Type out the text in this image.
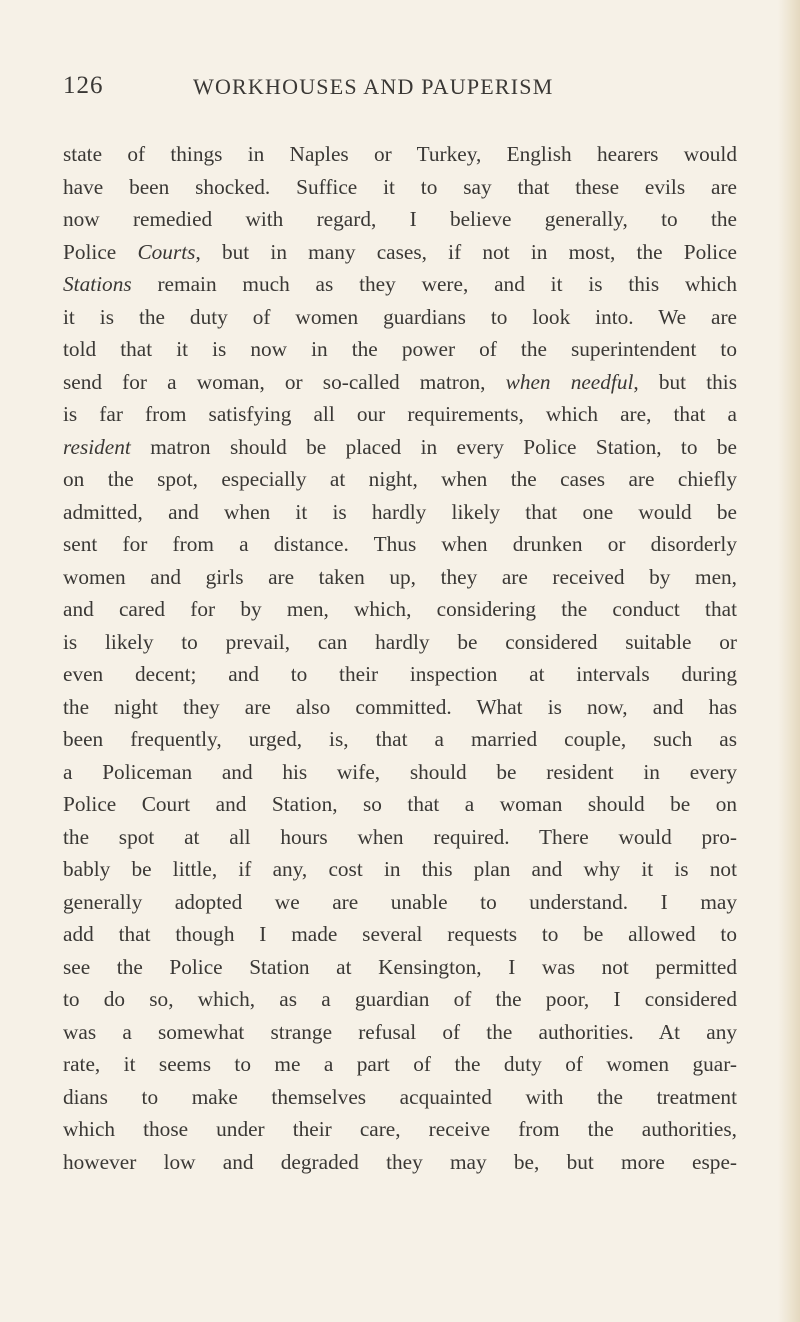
126	WORKHOUSES AND PAUPERISM
state of things in Naples or Turkey, English hearers would
have been shocked. Suffice it to say that these evils are
now remedied with regard, I believe generally, to the
Police Courts, but in many cases, if not in most, the Police
Stations remain much as they were, and it is this which
it is the duty of women guardians to look into. We are
told that it is now in the power of the superintendent to
send for a woman, or so-called matron, when needful, but this
is far from satisfying all our requirements, which are, that a
resident matron should be placed in every Police Station, to be
on the spot, especially at night, when the cases are chiefly
admitted, and when it is hardly likely that one would be
sent for from a distance. Thus when drunken or disorderly
women and girls are taken up, they are received by men,
and cared for by men, which, considering the conduct that
is likely to prevail, can hardly be considered suitable or
even decent; and to their inspection at intervals during
the night they are also committed. What is now, and has
been frequently, urged, is, that a married couple, such as
a Policeman and his wife, should be resident in every
Police Court and Station, so that a woman should be on
the spot at all hours when required. There would pro-
bably be little, if any, cost in this plan and why it is not
generally adopted we are unable to understand. I may
add that though I made several requests to be allowed to
see the Police Station at Kensington, I was not permitted
to do so, which, as a guardian of the poor, I considered
was a somewhat strange refusal of the authorities. At any
rate, it seems to me a part of the duty of women guar-
dians to make themselves acquainted with the treatment
which those under their care, receive from the authorities,
however low and degraded they may be, but more espe-
